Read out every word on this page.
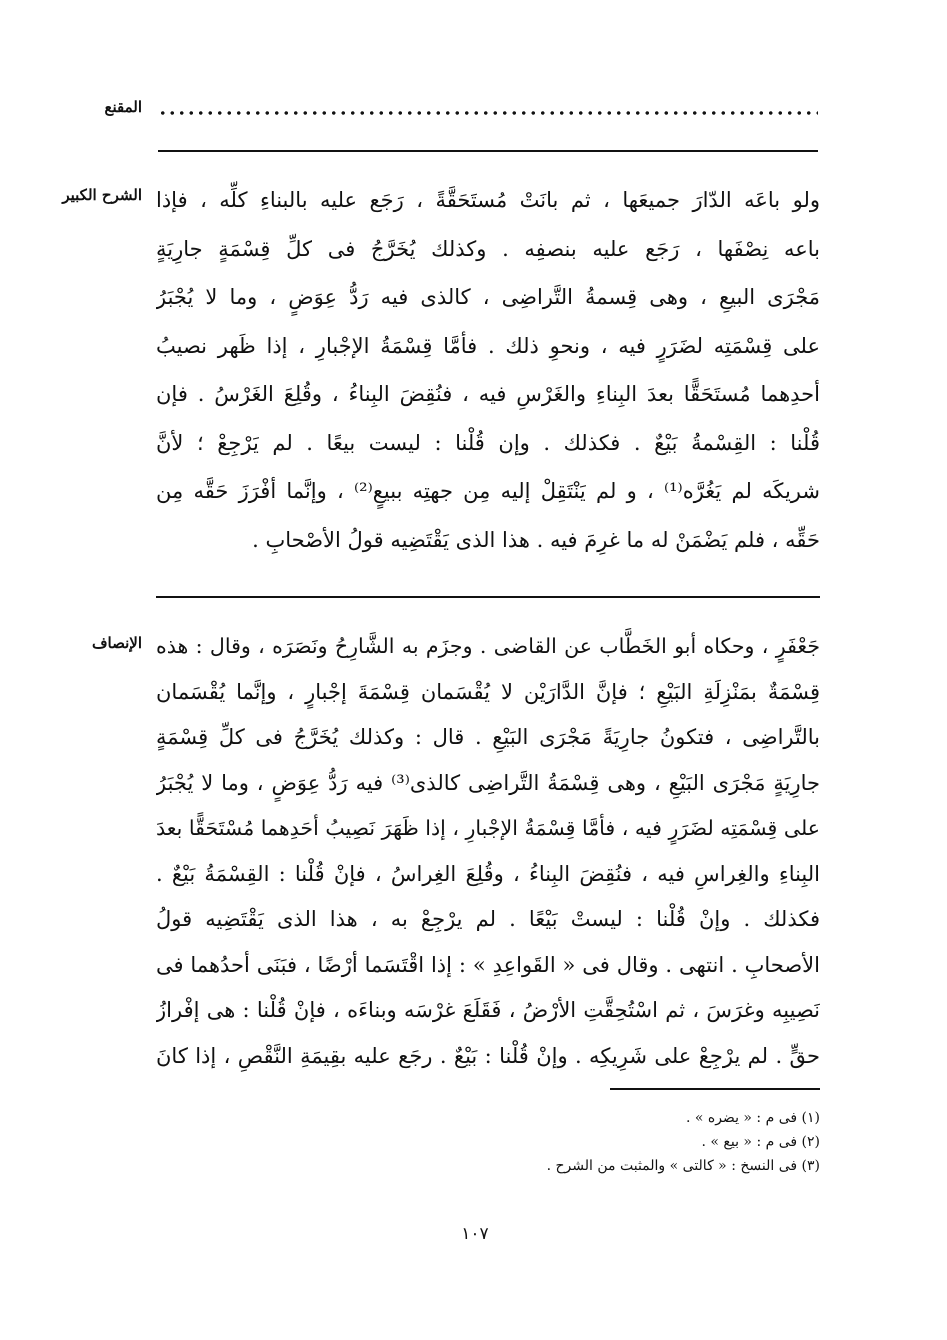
المقنع
الشرح الكبير ولو باعَه الدّارَ جميعَها ، ثم بانَتْ مُستَحَقَّةً ، رَجَع عليه بالبناءِ كلِّه ، فإذا
باعه نِصْفَها ، رَجَع عليه بنصفِه . وكذلك يُخَرَّجُ فى كلِّ قِسْمَةٍ جارِيَةٍ
مَجْرَى البيعِ ، وهى قِسمةُ التَّراضِى ، كالذى فيه رَدُّ عِوَضٍ ، وما لا يُجْبَرُ
على قِسْمَتِه لضَرَرٍ فيه ، ونحوِ ذلك . فأمَّا قِسْمَةُ الإجْبارِ ، إذا ظَهر نصيبُ
أحدِهما مُستَحَقًّا بعدَ البِناءِ والغَرْسِ فيه ، فنُقِضَ البِناءُ ، وقُلِعَ الغَرْسُ . فإن
قُلْنا : القِسْمةُ بَيْعٌ . فكذلك . وإن قُلْنا : ليست بيعًا . لم يَرْجِعْ ؛ لأنَّ
شريكَه لم يَغُرَّه⁽¹⁾ ، و لم يَنْتَقِلْ إليه مِن جهتِه ببيعٍ⁽²⁾ ، وإنَّما أفْرَزَ حَقَّه مِن
حَقِّه ، فلم يَضْمَنْ له ما غرِمَ فيه . هذا الذى يَقْتَضِيه قولُ الأصْحابِ .
الإنصاف جَعْفَرٍ ، وحكاه أبو الخَطَّاب عن القاضى . وجزَم به الشَّارِحُ ونَصَرَه ، وقال : هذه
قِسْمَةٌ بمَنْزِلَةِ البَيْعِ ؛ فإنَّ الدَّارَيْن لا يُقْسَمان قِسْمَةَ إجْبارٍ ، وإنَّما يُقْسَمان
بالتَّراضِى ، فتكونُ جارِيَةً مَجْرَى البَيْعِ . قال : وكذلك يُخَرَّجُ فى كلِّ قِسْمَةٍ
جارِيَةٍ مَجْرَى البَيْعِ ، وهى قِسْمَةُ التَّراضِى كالذى⁽³⁾ فيه رَدُّ عِوَضٍ ، وما لا يُجْبَرُ
على قِسْمَتِه لضَرَرٍ فيه ، فأمَّا قِسْمَةُ الإجْبارِ ، إذا ظَهَرَ نَصِيبُ أحَدِهما مُسْتَحَقًّا بعدَ
البِناءِ والغِراسِ فيه ، فنُقِضَ البِناءُ ، وقُلِعَ الغِراسُ ، فإنْ قُلْنا : القِسْمَةُ بَيْعٌ .
فكذلك . وإنْ قُلْنا : ليستْ بَيْعًا . لم يرْجِعْ به ، هذا الذى يَقْتَضِيه قولُ
الأصحابِ . انتهى . وقال فى « القَواعِدِ » : إذا اقْتَسَما أرْضًا ، فبَنَى أحدُهما فى
نَصِيبِه وغرَسَ ، ثم اسْتُحِقَّتِ الأرْضُ ، فَقَلَعَ غرْسَه وبناءَه ، فإنْ قُلْنا : هى إفْرازُ
حقٍّ . لم يرْجِعْ على شَرِيكِه . وإنْ قُلْنا : بَيْعٌ . رجَع عليه بقِيمَةِ النَّقْصِ ، إذا كانَ
(١) فى م : « يضره » .
(٢) فى م : « بيع » .
(٣) فى النسخ : « كالتى » والمثبت من الشرح .
١٠٧
